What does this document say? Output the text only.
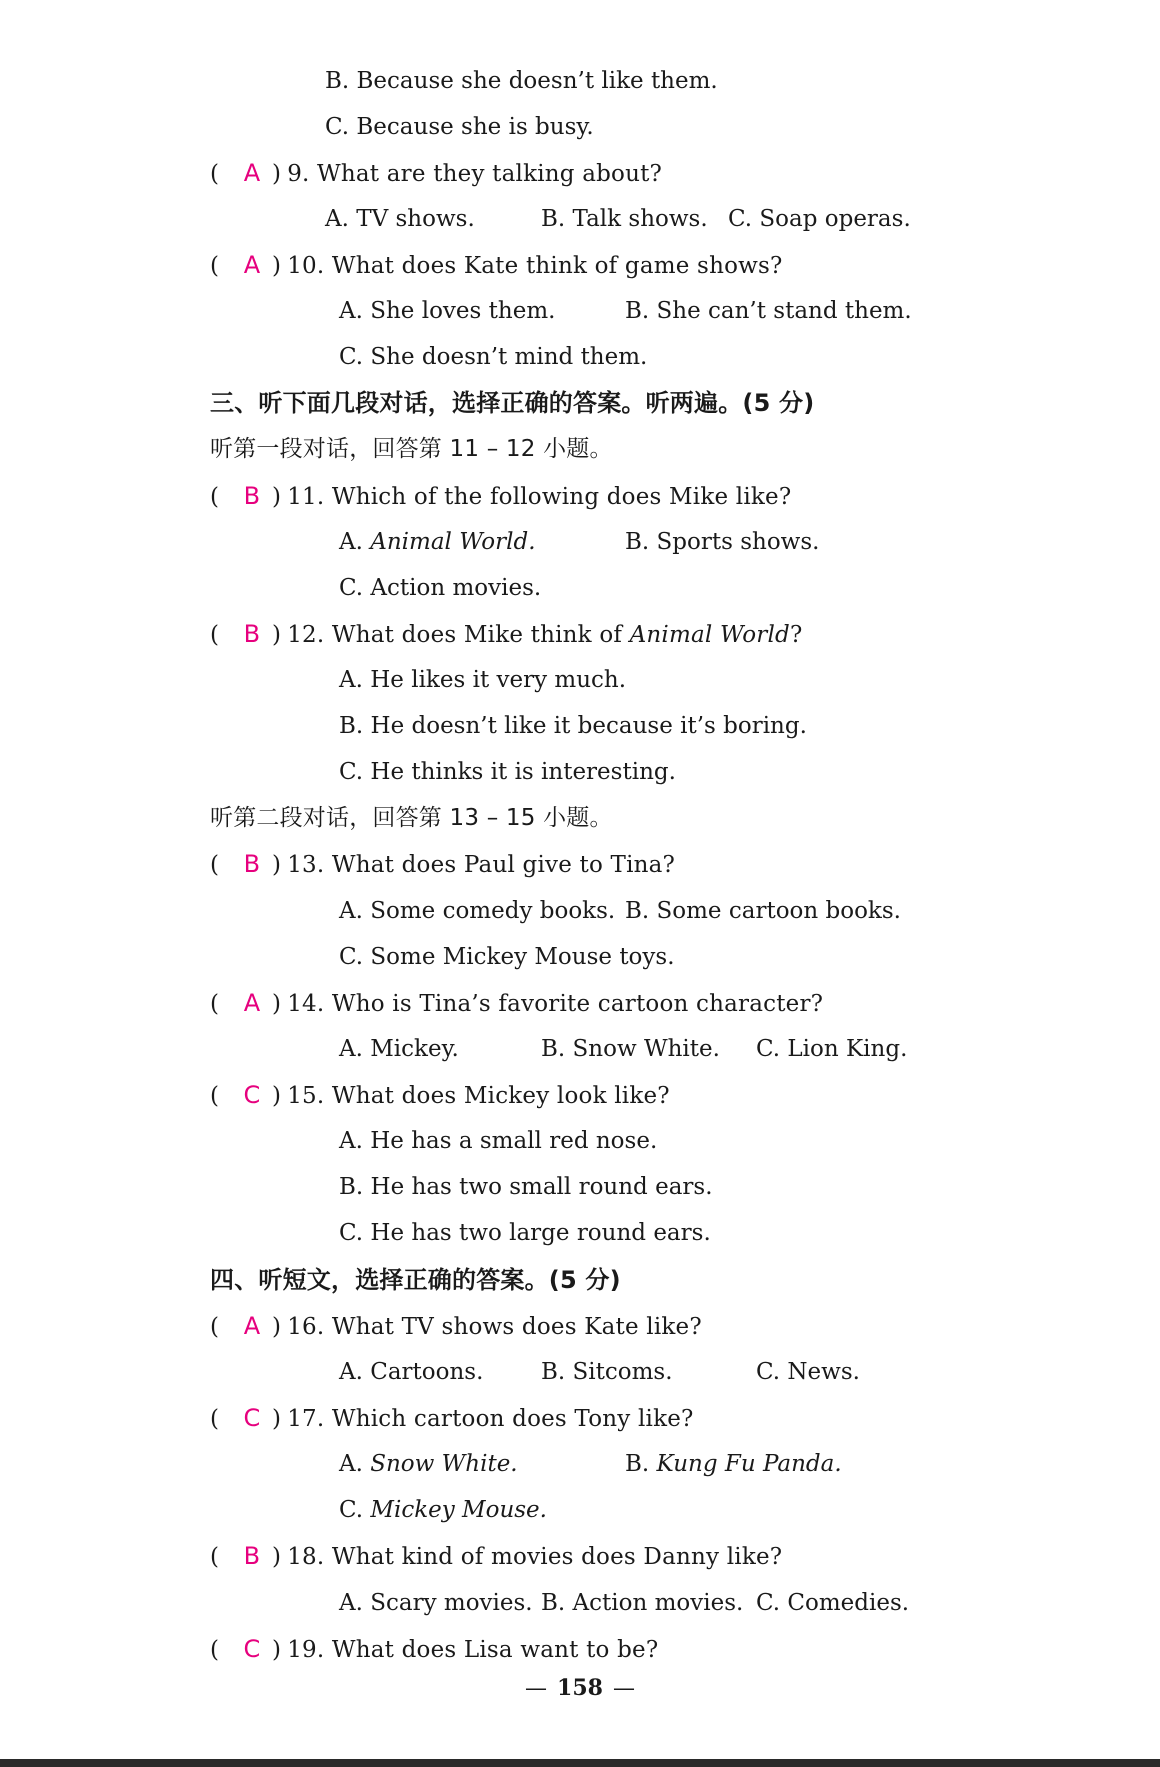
B. Because she doesn’t like them.
C. Because she is busy.
( A ) 9. What are they talking about?
A. TV shows.	B. Talk shows. C. Soap operas.
( A ) 10. What does Kate think of game shows?
A. She loves them.	B. She can’t stand them.
C. She doesn’t mind them.
三、听下面几段对话，选择正确的答案。听两遍。(5 分)
听第一段对话，回答第 11 – 12 小题。
( B ) 11. Which of the following does Mike like?
A. Animal World.	B. Sports shows.
C. Action movies.
( B ) 12. What does Mike think of Animal World?
A. He likes it very much.
B. He doesn’t like it because it’s boring.
C. He thinks it is interesting.
听第二段对话，回答第 13 – 15 小题。
( B ) 13. What does Paul give to Tina?
A. Some comedy books. B. Some cartoon books.
C. Some Mickey Mouse toys.
( A ) 14. Who is Tina’s favorite cartoon character?
A. Mickey.	B. Snow White. C. Lion King.
( C ) 15. What does Mickey look like?
A. He has a small red nose.
B. He has two small round ears.
C. He has two large round ears.
四、听短文，选择正确的答案。(5 分)
( A ) 16. What TV shows does Kate like?
A. Cartoons.	B. Sitcoms.	C. News.
( C ) 17. Which cartoon does Tony like?
A. Snow White.	B. Kung Fu Panda.
C. Mickey Mouse.
( B ) 18. What kind of movies does Danny like?
A. Scary movies. B. Action movies. C. Comedies.
( C ) 19. What does Lisa want to be?
— 158 —
